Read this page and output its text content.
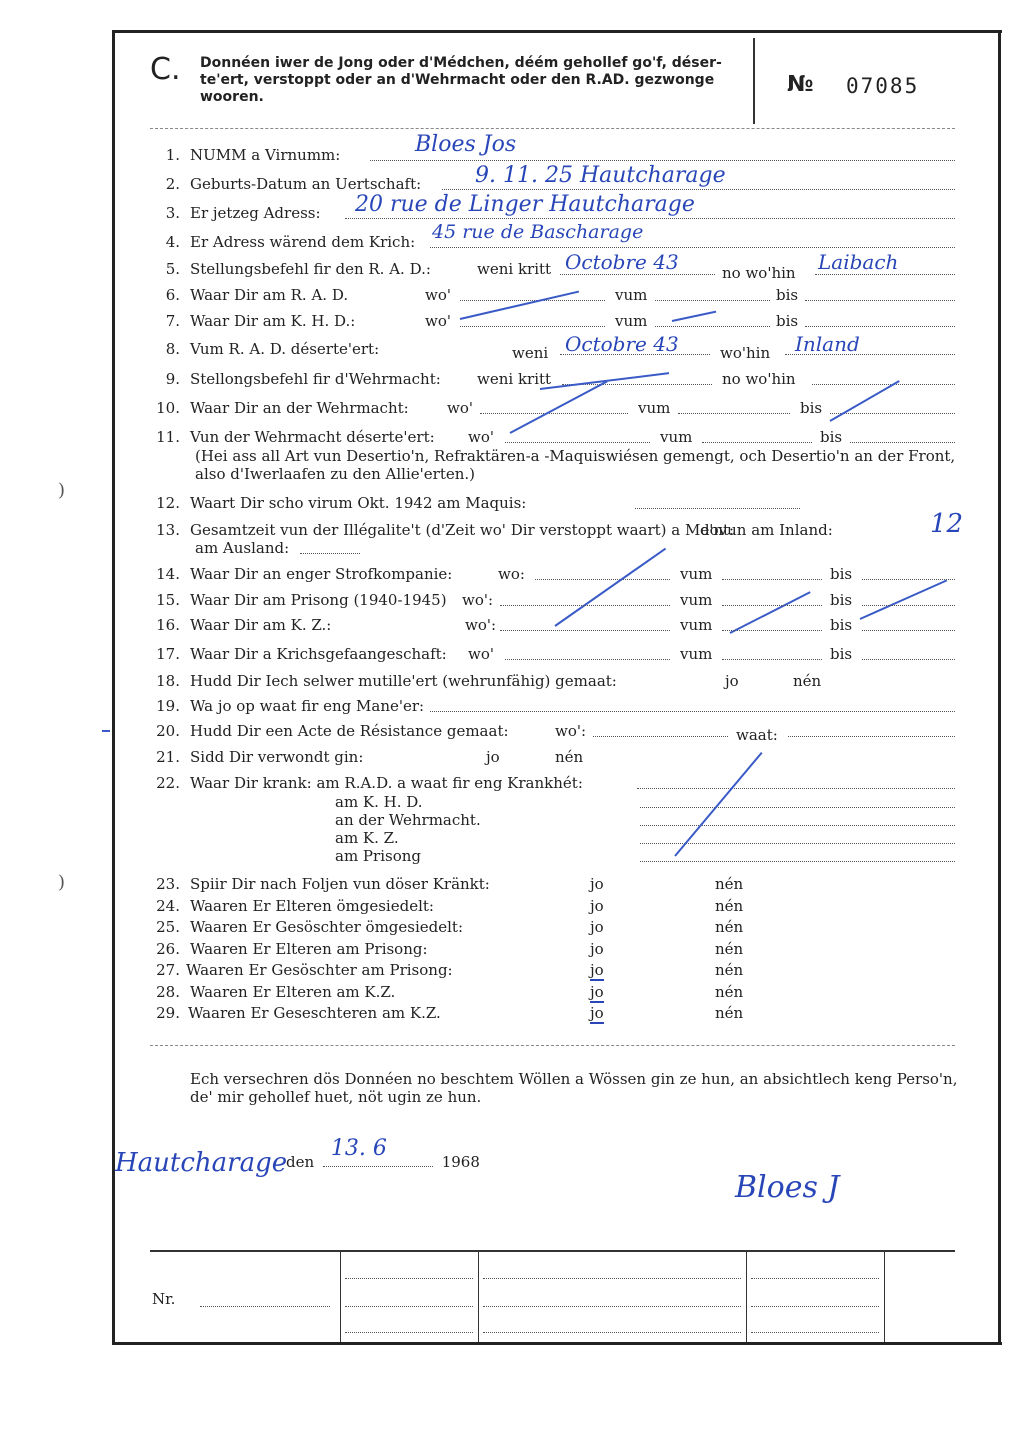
C. Donnéen iwer de Jong oder d'Médchen, déém gehollef go'f, déser-te'ert, verstoppt oder an d'Wehrmacht oder den R.AD. gezwonge wooren.	№ 07085
1. NUMM a Virnumm:	Bloes Jos
2. Geburts-Datum an Uertschaft: 9. 11. 25 Hautcharage
3. Er jetzeg Adress: 20 rue de Linger Hautcharage
4. Er Adress wärend dem Krich: 45 rue de Bascharage
5. Stellungsbefehl fir den R. A. D.:	weni kritt Octobre 43	no wo'hin Laibach
6. Waar Dir am R. A. D.	wo'	vum	bis
7. Waar Dir am K. H. D.:	wo'	vum	bis
8. Vum R. A. D. déserte'ert:	weni Octobre 43	wo'hin Inland
9. Stellongsbefehl fir d'Wehrmacht: weni kritt	no wo'hin
10. Waar Dir an der Wehrmacht:	wo'	vum	bis
11. Vun der Wehrmacht déserte'ert: wo'	vum	bis
(Hei ass all Art vun Desertio'n, Refraktären-a -Maquiswiésen gemengt, och Desertio'n an der Front, also d'Iwerlaafen zu den Allie'erten.)
12. Waart Dir scho virum Okt. 1942 am Maquis:
13. Gesamtzeit vun der Illégalite't (d'Zeit wo' Dir verstoppt waart) a Me'nt:
dovun am Inland:	12
am Ausland:
14. Waar Dir an enger Strofkompanie:	wo:	vum	bis
15. Waar Dir am Prisong (1940-1945) wo':	vum	bis
16. Waar Dir am K. Z.:	wo':	vum	bis
17. Waar Dir a Krichsgefaangeschaft: wo'	vum	bis
18. Hudd Dir Iech selwer mutille'ert (wehrunfähig) gemaat:	jo	nén
19. Wa jo op waat fir eng Mane'er:
20. Hudd Dir een Acte de Résistance gemaat:	wo':	waat:
21. Sidd Dir verwondt gin:	jo	nén
22. Waar Dir krank: am R.A.D. a waat fir eng Krankhét:
am K. H. D.
an der Wehrmacht.
am K. Z.
am Prisong
23. Spiir Dir nach Foljen vun döser Kränkt:	jo	nén
24. Waaren Er Elteren ömgesiedelt:	jo	nén
25. Waaren Er Gesöschter ömgesiedelt:	jo	nén
26. Waaren Er Elteren am Prisong:	jo	nén
27. Waaren Er Gesöschter am Prisong:	jo	nén
28. Waaren Er Elteren am K.Z.	jo	nén
29. Waaren Er Geseschteren am K.Z.	jo	nén
Ech versechren dös Donnéen no beschtem Wöllen a Wössen gin ze hun, an absichtlech keng Perso'n, de' mir gehollef huet, nöt ugin ze hun.
Hautcharage
den
13. 6
1968
Bloes J
Nr.
)
)
